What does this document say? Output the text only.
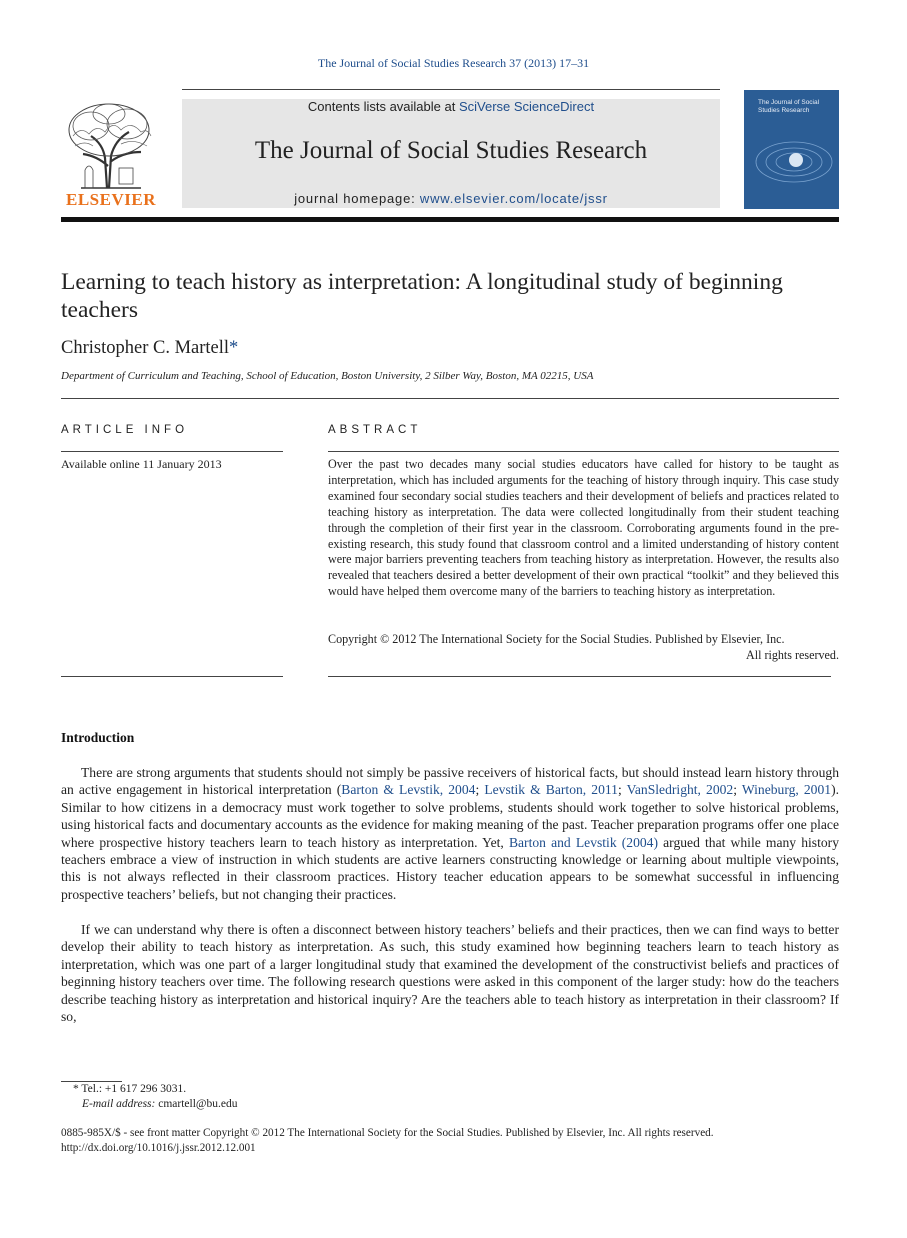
The Journal of Social Studies Research 37 (2013) 17–31
ELSEVIER
Contents lists available at SciVerse ScienceDirect
The Journal of Social Studies Research
journal homepage: www.elsevier.com/locate/jssr
The Journal of Social Studies Research
Learning to teach history as interpretation: A longitudinal study of beginning teachers
Christopher C. Martell*
Department of Curriculum and Teaching, School of Education, Boston University, 2 Silber Way, Boston, MA 02215, USA
ARTICLE INFO
Available online 11 January 2013
ABSTRACT
Over the past two decades many social studies educators have called for history to be taught as interpretation, which has included arguments for the teaching of history through inquiry. This case study examined four secondary social studies teachers and their development of beliefs and practices related to teaching history as interpretation. The data were collected longitudinally from their student teaching through the completion of their first year in the classroom. Corroborating arguments found in the pre-existing research, this study found that classroom control and a limited understanding of history content were major barriers preventing teachers from teaching history as interpretation. However, the results also revealed that teachers desired a better development of their own practical “toolkit” and they believed this would have helped them overcome many of the barriers to teaching history as interpretation.
Copyright © 2012 The International Society for the Social Studies. Published by Elsevier, Inc.
All rights reserved.
Introduction
There are strong arguments that students should not simply be passive receivers of historical facts, but should instead learn history through an active engagement in historical interpretation (Barton & Levstik, 2004; Levstik & Barton, 2011; VanSledright, 2002; Wineburg, 2001). Similar to how citizens in a democracy must work together to solve problems, students should work together to solve historical problems, using historical facts and documentary accounts as the evidence for making meaning of the past. Teacher preparation programs offer one place where prospective history teachers learn to teach history as interpretation. Yet, Barton and Levstik (2004) argued that while many history teachers embrace a view of instruction in which students are active learners constructing knowledge or learning about multiple viewpoints, this is not always reflected in their classroom practices. History teacher education appears to be somewhat successful in influencing prospective teachers’ beliefs, but not changing their practices.
If we can understand why there is often a disconnect between history teachers’ beliefs and their practices, then we can find ways to better develop their ability to teach history as interpretation. As such, this study examined how beginning teachers learn to teach history as interpretation, which was one part of a larger longitudinal study that examined the development of the constructivist beliefs and practices of beginning history teachers over time. The following research questions were asked in this component of the larger study: how do the teachers describe teaching history as interpretation and historical inquiry? Are the teachers able to teach history as interpretation in their classroom? If so,
* Tel.: +1 617 296 3031.
E-mail address: cmartell@bu.edu
0885-985X/$ - see front matter Copyright © 2012 The International Society for the Social Studies. Published by Elsevier, Inc. All rights reserved.
http://dx.doi.org/10.1016/j.jssr.2012.12.001
